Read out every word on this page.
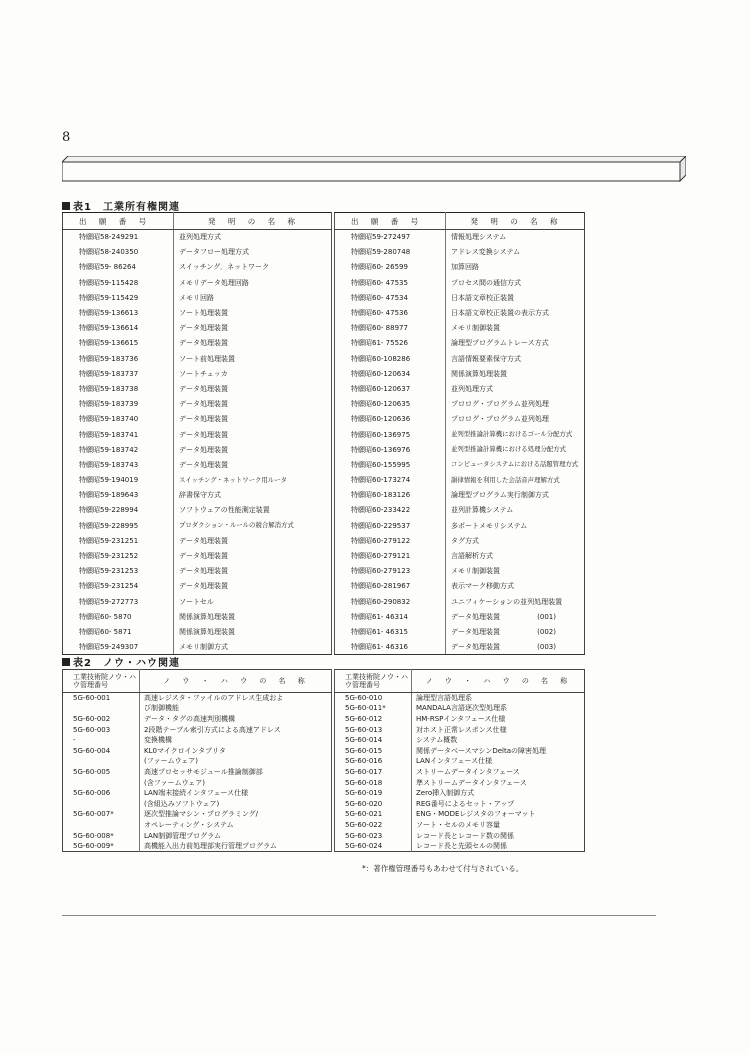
8
表1　工業所有権関連
出 願 番 号	発 明 の 名 称
特願昭58-249291	並列処理方式
特願昭58-240350	データフロー処理方式
特願昭59- 86264	スイッチング．ネットワーク
特願昭59-115428	メモリデータ処理回路
特願昭59-115429	メモリ回路
特願昭59-136613	ソート処理装置
特願昭59-136614	データ処理装置
特願昭59-136615	データ処理装置
特願昭59-183736	ソート前処理装置
特願昭59-183737	ソートチェッカ
特願昭59-183738	データ処理装置
特願昭59-183739	データ処理装置
特願昭59-183740	データ処理装置
特願昭59-183741	データ処理装置
特願昭59-183742	データ処理装置
特願昭59-183743	データ処理装置
特願昭59-194019	スイッチング・ネットワーク用ルータ
特願昭59-189643	辞書保守方式
特願昭59-228994	ソフトウェアの性能測定装置
特願昭59-228995	プロダクション・ルールの競合解消方式
特願昭59-231251	データ処理装置
特願昭59-231252	データ処理装置
特願昭59-231253	データ処理装置
特願昭59-231254	データ処理装置
特願昭59-272773	ソートセル
特願昭60- 5870	関係演算処理装置
特願昭60- 5871	関係演算処理装置
特願昭59-249307	メモリ制御方式
出 願 番 号	発 明 の 名 称
特願昭59-272497	情報処理システム
特願昭59-280748	アドレス変換システム
特願昭60- 26599	加算回路
特願昭60- 47535	プロセス間の通信方式
特願昭60- 47534	日本語文章校正装置
特願昭60- 47536	日本語文章校正装置の表示方式
特願昭60- 88977	メモリ制御装置
特願昭61- 75526	論理型プログラムトレース方式
特願昭60-108286	言語情報要素保守方式
特願昭60-120634	関係演算処理装置
特願昭60-120637	並列処理方式
特願昭60-120635	プロログ・プログラム並列処理
特願昭60-120636	プロログ・プログラム並列処理
特願昭60-136975	並列型推論計算機におけるゴール分配方式
特願昭60-136976	並列型推論計算機における処理分配方式
特願昭60-155995	コンピュータシステムにおける話題管理方式
特願昭60-173274	韻律情報を利用した会話音声理解方式
特願昭60-183126	論理型プログラム実行制御方式
特願昭60-233422	並列計算機システム
特願昭60-229537	多ポートメモリシステム
特願昭60-279122	タグ方式
特願昭60-279121	言語解析方式
特願昭60-279123	メモリ制御装置
特願昭60-281967	表示マーク移動方式
特願昭60-290832	ユニフィケーションの並列処理装置
特願昭61- 46314	データ処理装置 (001)
特願昭61- 46315	データ処理装置 (002)
特願昭61- 46316	データ処理装置 (003)
表2　ノウ・ハウ関連
工業技術院ノウ・ハウ管理番号	ノ ウ ・ ハ ウ の 名 称
5G-60-001	高速レジスタ・ファイルのアドレス生成およ
	び制御機能
5G-60-002	データ・タグの高速判別機構
5G-60-003	2段階テーブル索引方式による高速アドレス
-	変換機構
5G-60-004	KL0マイクロインタプリタ
	(ファームウェア)
5G-60-005	高速プロセッサモジュール推論制御部
	(含ファームウェア)
5G-60-006	LAN端末接続インタフェース仕様
	(含組込みソフトウェア)
5G-60-007*	逐次型推論マシン・プログラミング/
	オペレーティング・システム
5G-60-008*	LAN制御管理プログラム
5G-60-009*	高機能入出力前処理部実行管理プログラム
工業技術院ノウ・ハウ管理番号	ノ ウ ・ ハ ウ の 名 称
5G-60-010	論理型言語処理系
5G-60-011*	MANDALA言語逐次型処理系
5G-60-012	HM-RSPインタフェース仕様
5G-60-013	対ホスト正常レスポンス仕様
5G-60-014	システム概数
5G-60-015	関係データベースマシンDeltaの障害処理
5G-60-016	LANインタフェース仕様
5G-60-017	ストリームデータインタフェース
5G-60-018	準ストリームデータインタフェース
5G-60-019	Zero挿入制御方式
5G-60-020	REG番号によるセット・アップ
5G-60-021	ENG・MODEレジスタのフォーマット
5G-60-022	ソート・セルのメモリ容量
5G-60-023	レコード長とレコード数の関係
5G-60-024	レコード長と先頭セルの関係
*：著作権管理番号もあわせて付与されている。
